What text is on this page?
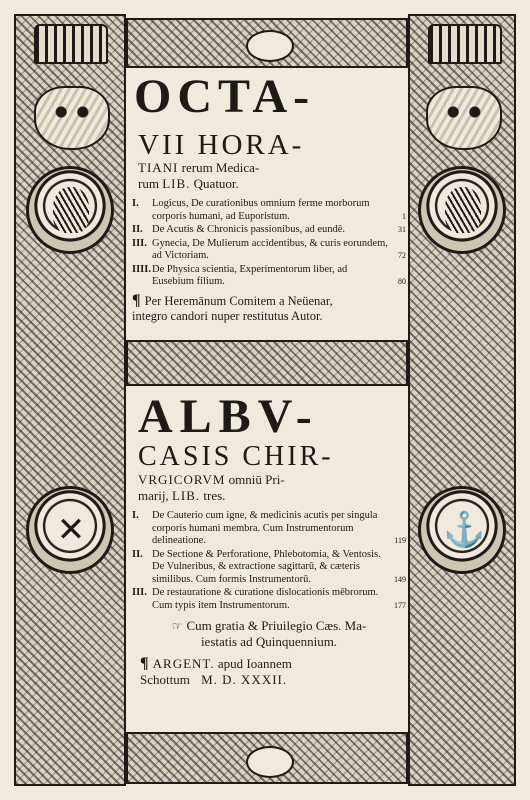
✕	⚓
OCTA-
VII HORA-
TIANI rerum Medica-
rum LIB. Quatuor.
I.	Logicus, De curationibus omnium ferme morborum corporis humani, ad Euporistum.	1
II. De Acutis & Chronicis passionibus, ad eundē.	31
III. Gynecia, De Mulierum accidentibus, & curis eorundem, ad Victoriam.	72
IIII. De Physica scientia, Experimentorum liber, ad Eusebium filium.	80
¶ Per Heremānum Comitem a Neüenar,
integro candori nuper restitutus Autor.
ALBV-
CASIS CHIR-
VRGICORVM omniū Pri-
marij, LIB. tres.
I.	De Cauterio cum igne, & medicinis acutis per singula corporis humani membra. Cum Instrumentorum delineatione.	119
II. De Sectione & Perforatione, Phlebotomia, & Ventosis. De Vulneribus, & extractione sagittarū, & cæteris similibus. Cum formis Instrumentorū.	149
III. De restauratione & curatione dislocationis mēbrorum. Cum typis item Instrumentorum.	177
☞ Cum gratia & Priuilegio Cæs. Ma-
iestatis ad Quinquennium.
¶ ARGENT. apud Ioannem
Schottum M. D. XXXII.
